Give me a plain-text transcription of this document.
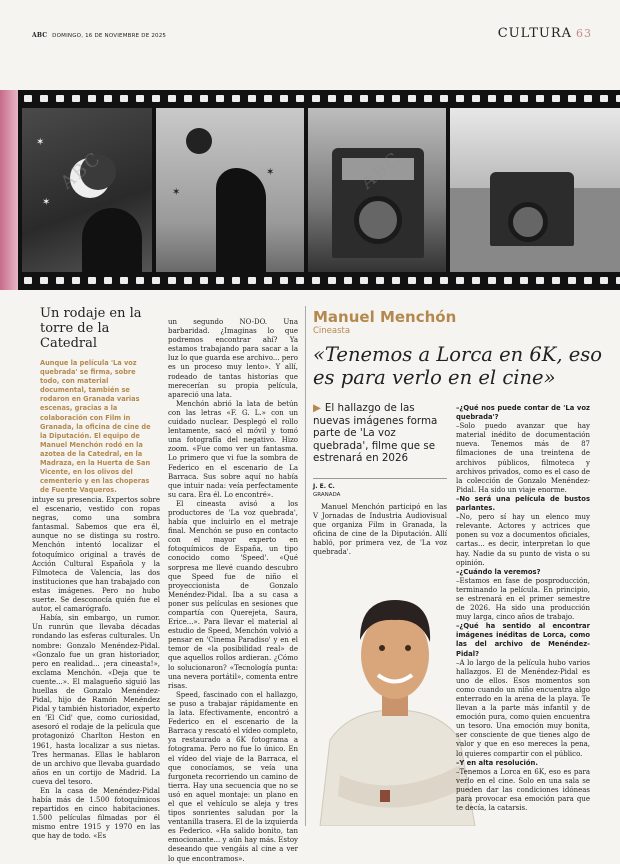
ABC DOMINGO, 16 DE NOVIEMBRE DE 2025	CULTURA 63
✶
✶
✶
✶
ABC	ABC
Un rodaje en la torre de la Catedral
Aunque la película 'La voz quebrada' se firma, sobre todo, con material documental, también se rodaron en Granada varias escenas, gracias a la colaboración con Film in Granada, la oficina de cine de la Diputación. El equipo de Manuel Menchón rodó en la azotea de la Catedral, en la Madraza, en la Huerta de San Vicente, en los olivos del cementerio y en las choperas de Fuente Vaqueros.

intuye su presencia. Expertos sobre el escenario, vestido con ropas negras, como una sombra fantasmal. Sabemos que era él, aunque no se distinga su rostro. Menchón intentó localizar el fotoquímico original a través de Acción Cultural Española y la Filmoteca de Valencia, las dos instituciones que han trabajado con estas imágenes. Pero no hubo suerte. Se desconocía quién fue el autor, el camarógrafo.

Había, sin embargo, un rumor. Un runrún que llevaba décadas rondando las esferas culturales. Un nombre: Gonzalo Menéndez-Pidal. «Gonzalo fue un gran historiador, pero en realidad... ¡era cineasta!», exclama Menchón. «Deja que te cuente...». El malagueño siguió las huellas de Gonzalo Menéndez-Pidal, hijo de Ramón Menéndez Pidal y también historiador, experto en 'El Cid' que, como curiosidad, asesoró el rodaje de la película que protagonizó Charlton Heston en 1961, hasta localizar a sus nietas. Tres hermanas. Ellas le hablaron de un archivo que llevaba guardado años en un cortijo de Madrid. La cueva del tesoro.

En la casa de Menéndez-Pidal había más de 1.500 fotoquímicos repartidos en cinco habitaciones. 1.500 películas filmadas por él mismo entre 1915 y 1970 en las que hay de todo. «Es

un segundo NO-DO. Una barbaridad. ¿Imaginas lo que podremos encontrar ahí? Ya estamos trabajando para sacar a la luz lo que guarda ese archivo... pero es un proceso muy lento». Y allí, rodeado de tantas historias que merecerían su propia película, apareció una lata.

Menchón abrió la lata de betún con las letras «F. G. L.» con un cuidado nuclear. Desplegó el rollo lentamente, sacó el móvil y tomó una fotografía del negativo. Hizo zoom. «Fue como ver un fantasma. Lo primero que vi fue la sombra de Federico en el escenario de La Barraca. Sus sobre aquí no había que intuir nada: veía perfectamente su cara. Era él. Lo encontré».

El cineasta avisó a los productores de 'La voz quebrada', había que incluirlo en el metraje final. Menchón se puso en contacto con el mayor experto en fotoquímicos de España, un tipo conocido como 'Speed'. «Qué sorpresa me llevé cuando descubro que Speed fue de niño el proyeccionista de Gonzalo Menéndez-Pidal. Iba a su casa a poner sus películas en sesiones que compartía con Querejeta, Saura, Erice...». Para llevar el material al estudio de Speed, Menchón volvió a pensar en 'Cinema Paradiso' y en el temor de «la posibilidad real» de que aquellos rollos ardieran. ¿Cómo lo solucionaron? «Tecnología punta: una nevera portátil», comenta entre risas.

Speed, fascinado con el hallazgo, se puso a trabajar rápidamente en la lata. Efectivamente, encontró a Federico en el escenario de la Barraca y rescató el vídeo completo, ya restaurado a 6K fotograma a fotograma. Pero no fue lo único. En el vídeo del viaje de la Barraca, el que conocíamos, se veía una furgoneta recorriendo un camino de tierra. Hay una secuencia que no se usó en aquel montaje: un plano en el que el vehículo se aleja y tres tipos sonrientes saludan por la ventanilla trasera. El de la izquierda es Federico. «Ha salido bonito, tan emocionante... y aún hay más. Estoy deseando que vengáis al cine a ver lo que encontramos».

Manuel Menchón
Cineasta
«Tenemos a Lorca en 6K, eso es para verlo en el cine»
▶ El hallazgo de las nuevas imágenes forma parte de 'La voz quebrada', filme que se estrenará en 2026
J. E. C.
GRANADA

Manuel Menchón participó en las V Jornadas de Industria Audiovisual que organiza Film in Granada, la oficina de cine de la Diputación. Allí habló, por primera vez, de 'La voz quebrada'.

–¿Qué nos puede contar de 'La voz quebrada'?

–Solo puedo avanzar que hay material inédito de documentación nueva. Tenemos más de 87 filmaciones de una treintena de archivos públicos, filmoteca y archivos privados, como es el caso de la colección de Gonzalo Menéndez-Pidal. Ha sido un viaje enorme.

–No será una película de bustos parlantes.

–No, pero sí hay un elenco muy relevante. Actores y actrices que ponen su voz a documentos oficiales, cartas... es decir, interpretan lo que hay. Nadie da su punto de vista o su opinión.

–¿Cuándo la veremos?

–Estamos en fase de posproducción, terminando la película. En principio, se estrenará en el primer semestre de 2026. Ha sido una producción muy larga, cinco años de trabajo.

–¿Qué ha sentido al encontrar imágenes inéditas de Lorca, como las del archivo de Menéndez-Pidal?

–A lo largo de la película hubo varios hallazgos. El de Menéndez-Pidal es uno de ellos. Esos momentos son como cuando un niño encuentra algo enterrado en la arena de la playa. Te llevan a la parte más infantil y de emoción pura, como quien encuentra un tesoro. Una emoción muy bonita, ser consciente de que tienes algo de valor y que en eso mereces la pena, lo quieres compartir con el público.

–Y en alta resolución.

–Tenemos a Lorca en 6K, eso es para verlo en el cine. Solo en una sala se pueden dar las condiciones idóneas para provocar esa emoción para que te decía, la catarsis.
